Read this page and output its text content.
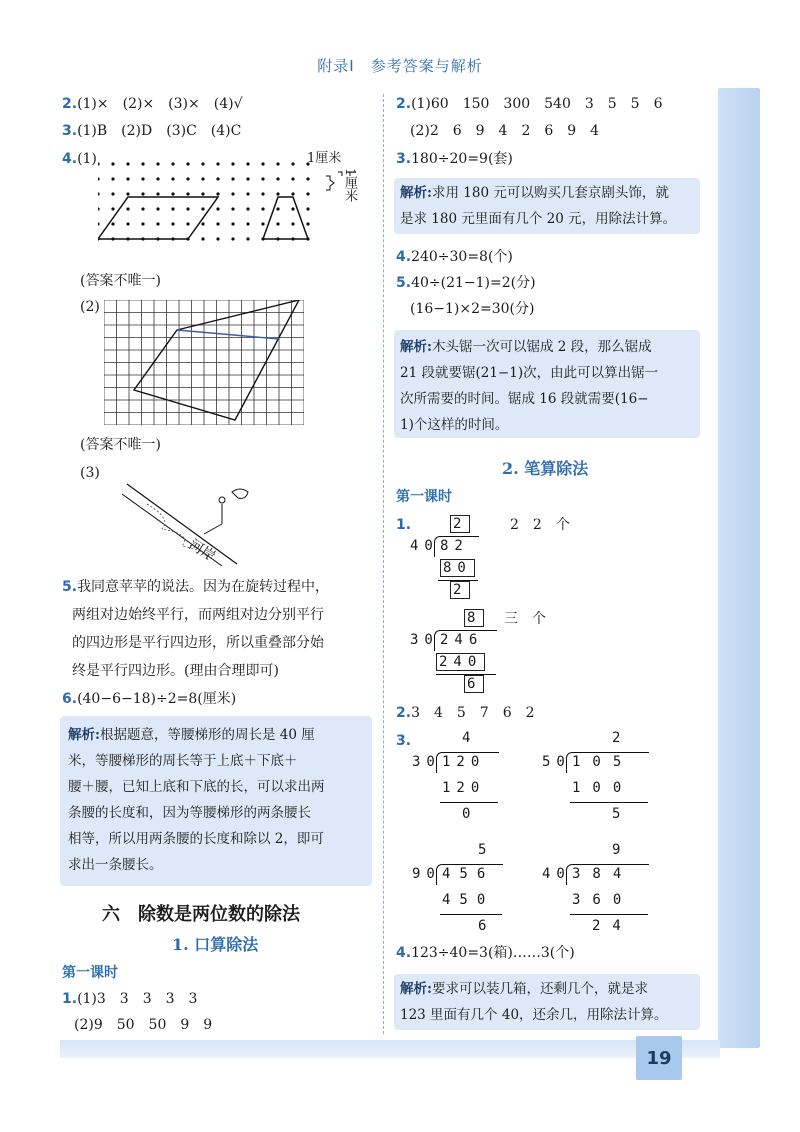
19
附录Ⅰ　参考答案与解析
2.(1)×　(2)×　(3)×　(4)√
3.(1)B　(2)D　(3)C　(4)C
4.(1)	1厘米
1厘米
(答案不唯一)
(2)
(答案不唯一)
(3)
河岸
5.我同意苹苹的说法。因为在旋转过程中，
两组对边始终平行，而两组对边分别平行
的四边形是平行四边形，所以重叠部分始
终是平行四边形。(理由合理即可)
6.(40−6−18)÷2=8(厘米)
解析:根据题意，等腰梯形的周长是 40 厘
米，等腰梯形的周长等于上底＋下底＋
腰＋腰，已知上底和下底的长，可以求出两
条腰的长度和，因为等腰梯形的两条腰长
相等，所以用两条腰的长度和除以 2，即可
求出一条腰长。
六　除数是两位数的除法
1. 口算除法
第一课时
1.(1)3　3　3　3　3
(2)9　50　50　9　9
2.(1)60　150　300　540　3　5　5　6
(2)2　6　9　4　2　6　9　4
3.180÷20=9(套)
解析:求用 180 元可以购买几套京剧头饰，就
是求 180 元里面有几个 20 元，用除法计算。
4.240÷30=8(个)
5.40÷(21−1)=2(分)
(16−1)×2=30(分)
解析:木头锯一次可以锯成 2 段，那么锯成
21 段就要锯(21−1)次，由此可以算出锯一
次所需要的时间。锯成 16 段就需要(16−
1)个这样的时间。
2. 笔算除法
第一课时
1.	2　2　个
2
40 82
80
2
三　个
8
30 246
240
6
2.3　4　5　7　6　2
3.	4
30 120
120
0
2
50 105
100
5
5
90 456
450
6
9
40 384
360
24
4.123÷40=3(箱)……3(个)
解析:要求可以装几箱，还剩几个，就是求
123 里面有几个 40，还余几，用除法计算。
